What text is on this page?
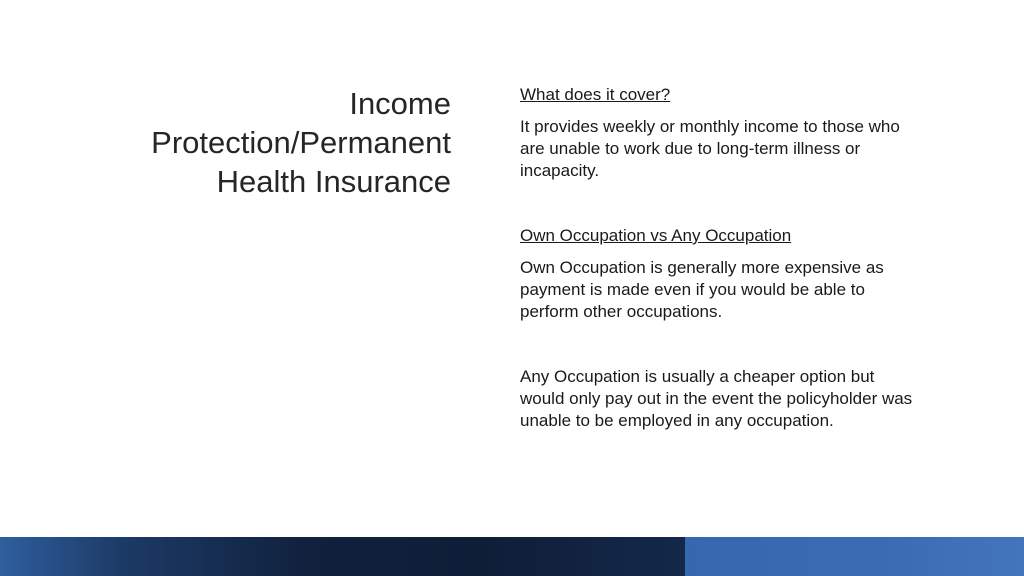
Income
Protection/Permanent
Health Insurance

What does it cover?

It provides weekly or monthly income to those who are unable to work due to long-term illness or incapacity.

Own Occupation vs Any Occupation

Own Occupation is generally more expensive as payment is made even if you would be able to perform other occupations.

Any Occupation is usually a cheaper option but would only pay out in the event the policyholder was unable to be employed in any occupation.
